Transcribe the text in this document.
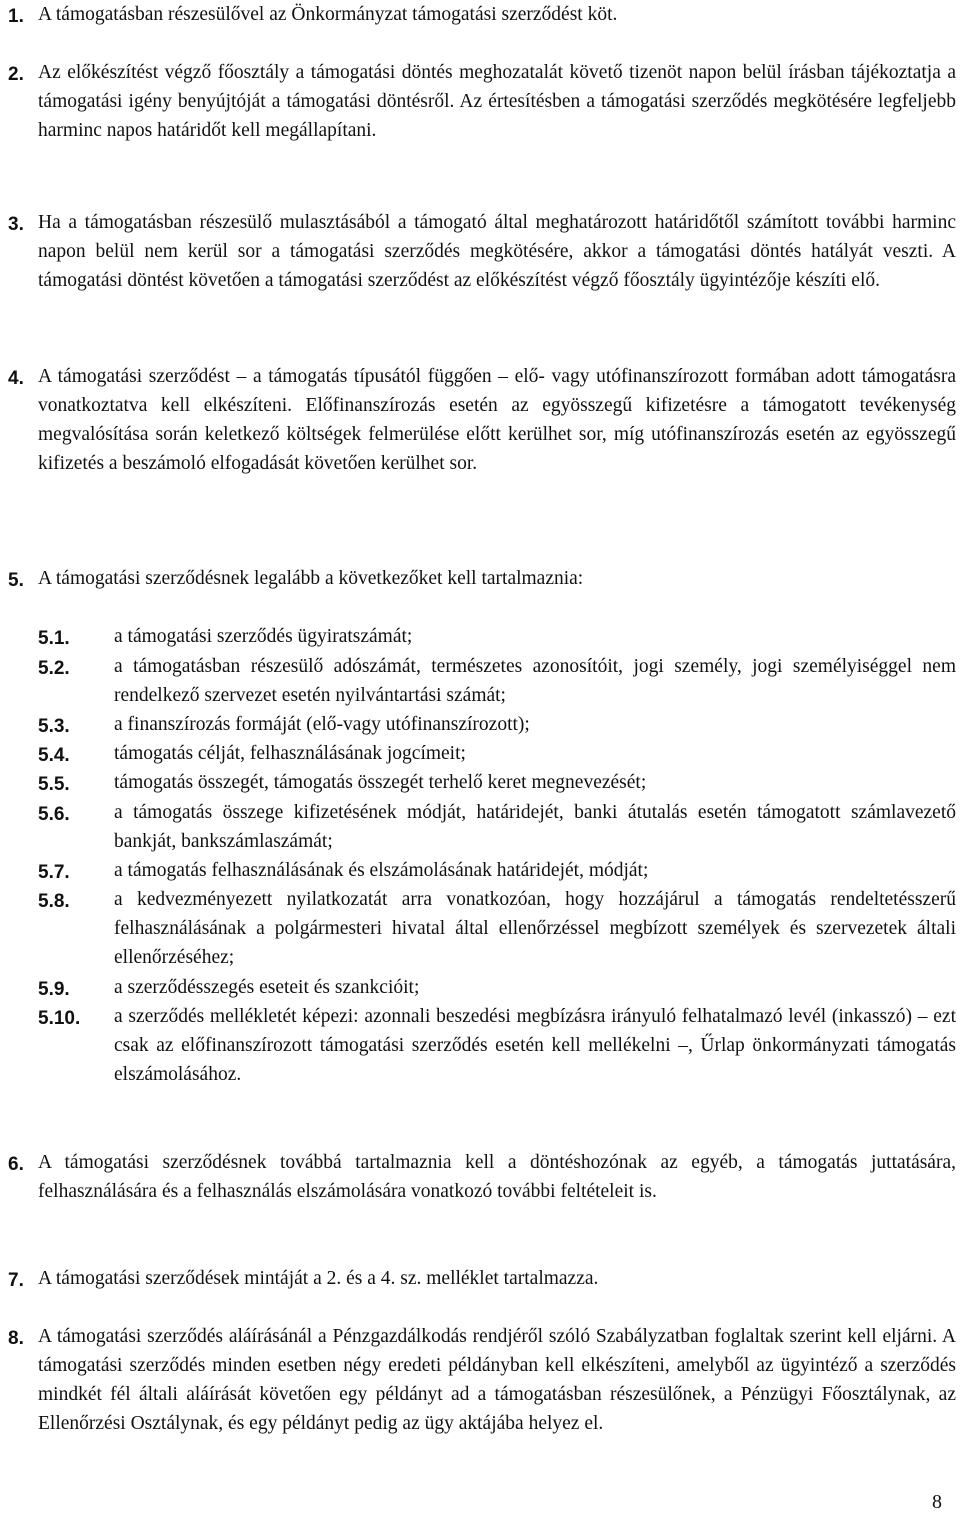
1. A támogatásban részesülővel az Önkormányzat támogatási szerződést köt.

2. Az előkészítést végző főosztály a támogatási döntés meghozatalát követő tizenöt napon belül írásban tájékoztatja a támogatási igény benyújtóját a támogatási döntésről. Az értesítésben a támogatási szerződés megkötésére legfeljebb harminc napos határidőt kell megállapítani.

3. Ha a támogatásban részesülő mulasztásából a támogató által meghatározott határidőtől számított további harminc napon belül nem kerül sor a támogatási szerződés megkötésére, akkor a támogatási döntés hatályát veszti. A támogatási döntést követően a támogatási szerződést az előkészítést végző főosztály ügyintézője készíti elő.

4. A támogatási szerződést – a támogatás típusától függően – elő- vagy utófinanszírozott formában adott támogatásra vonatkoztatva kell elkészíteni. Előfinanszírozás esetén az egyösszegű kifizetésre a támogatott tevékenység megvalósítása során keletkező költségek felmerülése előtt kerülhet sor, míg utófinanszírozás esetén az egyösszegű kifizetés a beszámoló elfogadását követően kerülhet sor.

5. A támogatási szerződésnek legalább a következőket kell tartalmaznia:

5.1.	a támogatási szerződés ügyiratszámát;
5.2.	a támogatásban részesülő adószámát, természetes azonosítóit, jogi személy, jogi személyiséggel nem rendelkező szervezet esetén nyilvántartási számát;
5.3.	a finanszírozás formáját (elő-vagy utófinanszírozott);
5.4.	támogatás célját, felhasználásának jogcímeit;
5.5.	támogatás összegét, támogatás összegét terhelő keret megnevezését;
5.6.	a támogatás összege kifizetésének módját, határidejét, banki átutalás esetén támogatott számlavezető bankját, bankszámlaszámát;
5.7.	a támogatás felhasználásának és elszámolásának határidejét, módját;
5.8.	a kedvezményezett nyilatkozatát arra vonatkozóan, hogy hozzájárul a támogatás rendeltetésszerű felhasználásának a polgármesteri hivatal által ellenőrzéssel megbízott személyek és szervezetek általi ellenőrzéséhez;
5.9.	a szerződésszegés eseteit és szankcióit;
5.10.	a szerződés mellékletét képezi: azonnali beszedési megbízásra irányuló felhatalmazó levél (inkasszó) – ezt csak az előfinanszírozott támogatási szerződés esetén kell mellékelni –, Űrlap önkormányzati támogatás elszámolásához.
6. A támogatási szerződésnek továbbá tartalmaznia kell a döntéshozónak az egyéb, a támogatás juttatására, felhasználására és a felhasználás elszámolására vonatkozó további feltételeit is.

7. A támogatási szerződések mintáját a 2. és a 4. sz. melléklet tartalmazza.

8. A támogatási szerződés aláírásánál a Pénzgazdálkodás rendjéről szóló Szabályzatban foglaltak szerint kell eljárni. A támogatási szerződés minden esetben négy eredeti példányban kell elkészíteni, amelyből az ügyintéző a szerződés mindkét fél általi aláírását követően egy példányt ad a támogatásban részesülőnek, a Pénzügyi Főosztálynak, az Ellenőrzési Osztálynak, és egy példányt pedig az ügy aktájába helyez el.

8
